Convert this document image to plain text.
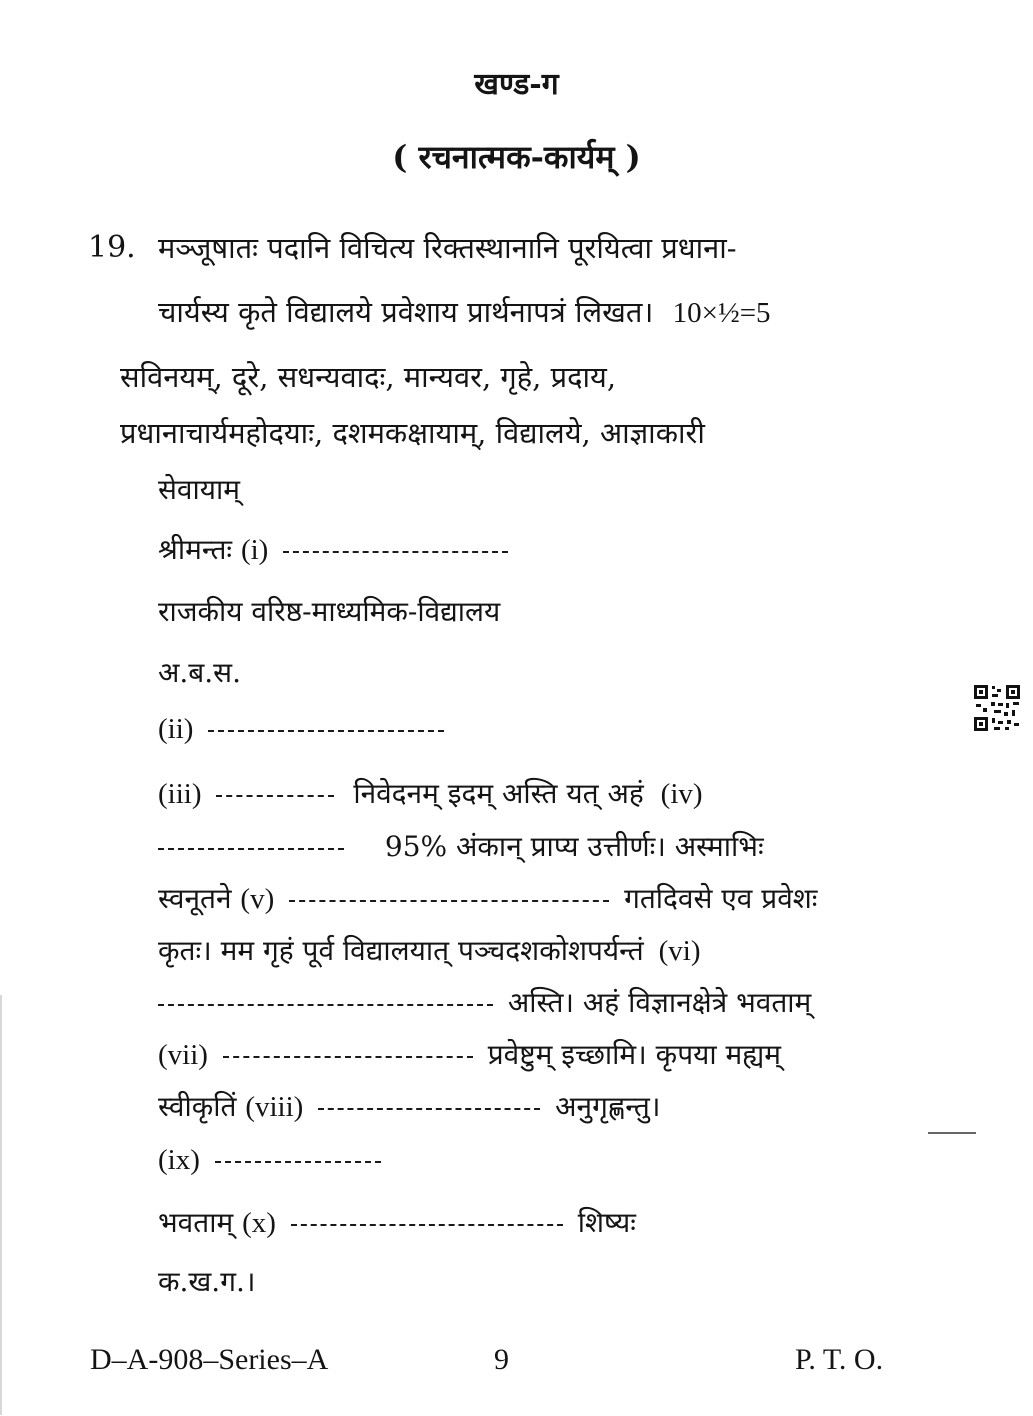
खण्ड-ग
( रचनात्मक-कार्यम् )
19. मञ्जूषातः पदानि विचित्य रिक्तस्थानानि पूरयित्वा प्रधाना-
चार्यस्य कृते विद्यालये प्रवेशाय प्रार्थनापत्रं लिखत। 10×½=5
सविनयम्, दूरे, सधन्यवादः, मान्यवर, गृहे, प्रदाय,
प्रधानाचार्यमहोदयाः, दशमकक्षायाम्, विद्यालये, आज्ञाकारी
सेवायाम्
श्रीमन्तः (i)
राजकीय वरिष्ठ-माध्यमिक-विद्यालय
अ.ब.स.
(ii)
(iii)	निवेदनम् इदम् अस्ति यत् अहं (iv)
95% अंकान् प्राप्य उत्तीर्णः। अस्माभिः
स्वनूतने (v)	गतदिवसे एव प्रवेशः
कृतः। मम गृहं पूर्व विद्यालयात् पञ्चदशकोशपर्यन्तं (vi)
अस्ति। अहं विज्ञानक्षेत्रे भवताम्
(vii)	प्रवेष्टुम् इच्छामि। कृपया मह्यम्
स्वीकृतिं (viii)	अनुगृह्णन्तु।
(ix)
भवताम् (x)	शिष्यः
क.ख.ग.।
D–A-908–Series–A	9	P. T. O.
